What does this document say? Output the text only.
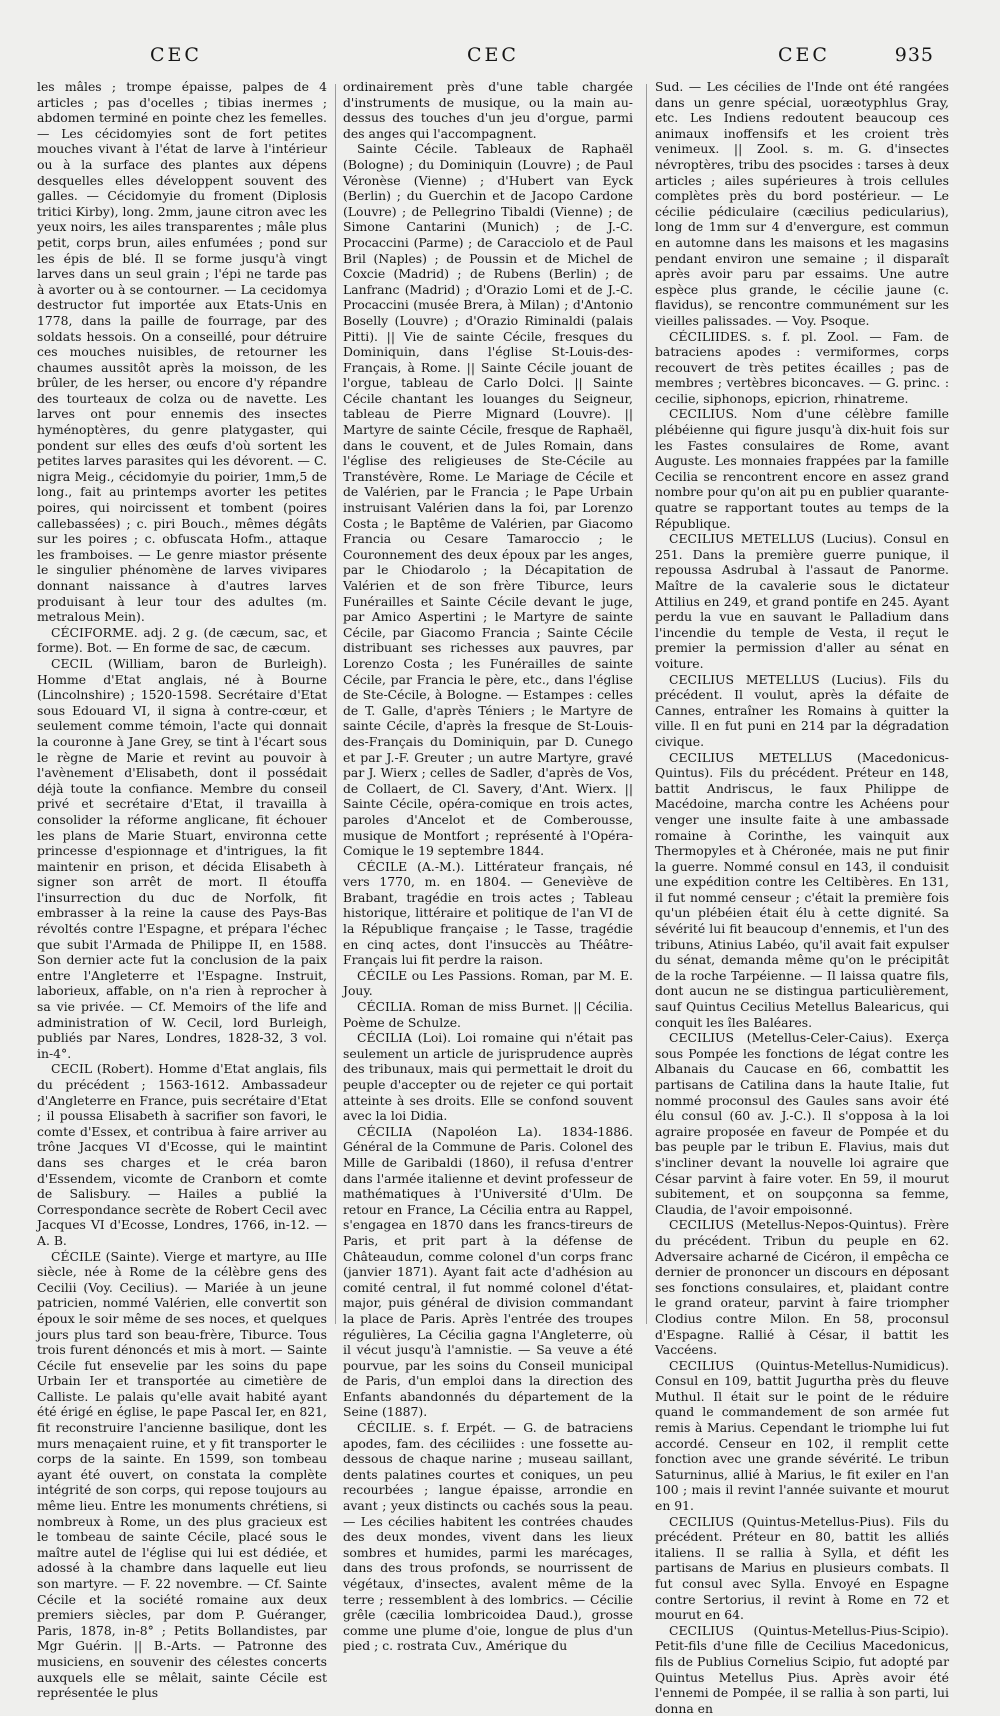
CEC	CEC	CEC	935

les mâles ; trompe épaisse, palpes de 4 articles ; pas d'ocelles ; tibias inermes ; abdomen terminé en pointe chez les femelles. — Les cécidomyies sont de fort petites mouches vivant à l'état de larve à l'intérieur ou à la surface des plantes aux dépens desquelles elles développent souvent des galles. — Cécidomyie du froment (Diplosis tritici Kirby), long. 2mm, jaune citron avec les yeux noirs, les ailes transparentes ; mâle plus petit, corps brun, ailes enfumées ; pond sur les épis de blé. Il se forme jusqu'à vingt larves dans un seul grain ; l'épi ne tarde pas à avorter ou à se contourner. — La cecidomya destructor fut importée aux Etats-Unis en 1778, dans la paille de fourrage, par des soldats hessois. On a conseillé, pour détruire ces mouches nuisibles, de retourner les chaumes aussitôt après la moisson, de les brûler, de les herser, ou encore d'y répandre des tourteaux de colza ou de navette. Les larves ont pour ennemis des insectes hyménoptères, du genre platygaster, qui pondent sur elles des œufs d'où sortent les petites larves parasites qui les dévorent. — C. nigra Meig., cécidomyie du poirier, 1mm,5 de long., fait au printemps avorter les petites poires, qui noircissent et tombent (poires callebassées) ; c. piri Bouch., mêmes dégâts sur les poires ; c. obfuscata Hofm., attaque les framboises. — Le genre miastor présente le singulier phénomène de larves vivipares donnant naissance à d'autres larves produisant à leur tour des adultes (m. metralous Mein).

CÉCIFORME. adj. 2 g. (de cæcum, sac, et forme). Bot. — En forme de sac, de cæcum.

CECIL (William, baron de Burleigh). Homme d'Etat anglais, né à Bourne (Lincolnshire) ; 1520-1598. Secrétaire d'Etat sous Edouard VI, il signa à contre-cœur, et seulement comme témoin, l'acte qui donnait la couronne à Jane Grey, se tint à l'écart sous le règne de Marie et revint au pouvoir à l'avènement d'Elisabeth, dont il possédait déjà toute la confiance. Membre du conseil privé et secrétaire d'Etat, il travailla à consolider la réforme anglicane, fit échouer les plans de Marie Stuart, environna cette princesse d'espionnage et d'intrigues, la fit maintenir en prison, et décida Elisabeth à signer son arrêt de mort. Il étouffa l'insurrection du duc de Norfolk, fit embrasser à la reine la cause des Pays-Bas révoltés contre l'Espagne, et prépara l'échec que subit l'Armada de Philippe II, en 1588. Son dernier acte fut la conclusion de la paix entre l'Angleterre et l'Espagne. Instruit, laborieux, affable, on n'a rien à reprocher à sa vie privée. — Cf. Memoirs of the life and administration of W. Cecil, lord Burleigh, publiés par Nares, Londres, 1828-32, 3 vol. in-4°.

CECIL (Robert). Homme d'Etat anglais, fils du précédent ; 1563-1612. Ambassadeur d'Angleterre en France, puis secrétaire d'Etat ; il poussa Elisabeth à sacrifier son favori, le comte d'Essex, et contribua à faire arriver au trône Jacques VI d'Ecosse, qui le maintint dans ses charges et le créa baron d'Essendem, vicomte de Cranborn et comte de Salisbury. — Hailes a publié la Correspondance secrète de Robert Cecil avec Jacques VI d'Ecosse, Londres, 1766, in-12. — A. B.

CÉCILE (Sainte). Vierge et martyre, au IIIe siècle, née à Rome de la célèbre gens des Cecilii (Voy. Cecilius). — Mariée à un jeune patricien, nommé Valérien, elle convertit son époux le soir même de ses noces, et quelques jours plus tard son beau-frère, Tiburce. Tous trois furent dénoncés et mis à mort. — Sainte Cécile fut ensevelie par les soins du pape Urbain Ier et transportée au cimetière de Calliste. Le palais qu'elle avait habité ayant été érigé en église, le pape Pascal Ier, en 821, fit reconstruire l'ancienne basilique, dont les murs menaçaient ruine, et y fit transporter le corps de la sainte. En 1599, son tombeau ayant été ouvert, on constata la complète intégrité de son corps, qui repose toujours au même lieu. Entre les monuments chrétiens, si nombreux à Rome, un des plus gracieux est le tombeau de sainte Cécile, placé sous le maître autel de l'église qui lui est dédiée, et adossé à la chambre dans laquelle eut lieu son martyre. — F. 22 novembre. — Cf. Sainte Cécile et la société romaine aux deux premiers siècles, par dom P. Guéranger, Paris, 1878, in-8° ; Petits Bollandistes, par Mgr Guérin. || B.-Arts. — Patronne des musiciens, en souvenir des célestes concerts auxquels elle se mêlait, sainte Cécile est représentée le plus

ordinairement près d'une table chargée d'instruments de musique, ou la main au-dessus des touches d'un jeu d'orgue, parmi des anges qui l'accompagnent.

Sainte Cécile. Tableaux de Raphaël (Bologne) ; du Dominiquin (Louvre) ; de Paul Véronèse (Vienne) ; d'Hubert van Eyck (Berlin) ; du Guerchin et de Jacopo Cardone (Louvre) ; de Pellegrino Tibaldi (Vienne) ; de Simone Cantarini (Munich) ; de J.-C. Procaccini (Parme) ; de Caracciolo et de Paul Bril (Naples) ; de Poussin et de Michel de Coxcie (Madrid) ; de Rubens (Berlin) ; de Lanfranc (Madrid) ; d'Orazio Lomi et de J.-C. Procaccini (musée Brera, à Milan) ; d'Antonio Boselly (Louvre) ; d'Orazio Riminaldi (palais Pitti). || Vie de sainte Cécile, fresques du Dominiquin, dans l'église St-Louis-des-Français, à Rome. || Sainte Cécile jouant de l'orgue, tableau de Carlo Dolci. || Sainte Cécile chantant les louanges du Seigneur, tableau de Pierre Mignard (Louvre). || Martyre de sainte Cécile, fresque de Raphaël, dans le couvent, et de Jules Romain, dans l'église des religieuses de Ste-Cécile au Transtévère, Rome. Le Mariage de Cécile et de Valérien, par le Francia ; le Pape Urbain instruisant Valérien dans la foi, par Lorenzo Costa ; le Baptême de Valérien, par Giacomo Francia ou Cesare Tamaroccio ; le Couronnement des deux époux par les anges, par le Chiodarolo ; la Décapitation de Valérien et de son frère Tiburce, leurs Funérailles et Sainte Cécile devant le juge, par Amico Aspertini ; le Martyre de sainte Cécile, par Giacomo Francia ; Sainte Cécile distribuant ses richesses aux pauvres, par Lorenzo Costa ; les Funérailles de sainte Cécile, par Francia le père, etc., dans l'église de Ste-Cécile, à Bologne. — Estampes : celles de T. Galle, d'après Téniers ; le Martyre de sainte Cécile, d'après la fresque de St-Louis-des-Français du Dominiquin, par D. Cunego et par J.-F. Greuter ; un autre Martyre, gravé par J. Wierx ; celles de Sadler, d'après de Vos, de Collaert, de Cl. Savery, d'Ant. Wierx. || Sainte Cécile, opéra-comique en trois actes, paroles d'Ancelot et de Comberousse, musique de Montfort ; représenté à l'Opéra-Comique le 19 septembre 1844.

CÉCILE (A.-M.). Littérateur français, né vers 1770, m. en 1804. — Geneviève de Brabant, tragédie en trois actes ; Tableau historique, littéraire et politique de l'an VI de la République française ; le Tasse, tragédie en cinq actes, dont l'insuccès au Théâtre-Français lui fit perdre la raison.

CÉCILE ou Les Passions. Roman, par M. E. Jouy.

CÉCILIA. Roman de miss Burnet. || Cécilia. Poème de Schulze.

CÉCILIA (Loi). Loi romaine qui n'était pas seulement un article de jurisprudence auprès des tribunaux, mais qui permettait le droit du peuple d'accepter ou de rejeter ce qui portait atteinte à ses droits. Elle se confond souvent avec la loi Didia.

CÉCILIA (Napoléon La). 1834-1886. Général de la Commune de Paris. Colonel des Mille de Garibaldi (1860), il refusa d'entrer dans l'armée italienne et devint professeur de mathématiques à l'Université d'Ulm. De retour en France, La Cécilia entra au Rappel, s'engagea en 1870 dans les francs-tireurs de Paris, et prit part à la défense de Châteaudun, comme colonel d'un corps franc (janvier 1871). Ayant fait acte d'adhésion au comité central, il fut nommé colonel d'état-major, puis général de division commandant la place de Paris. Après l'entrée des troupes régulières, La Cécilia gagna l'Angleterre, où il vécut jusqu'à l'amnistie. — Sa veuve a été pourvue, par les soins du Conseil municipal de Paris, d'un emploi dans la direction des Enfants abandonnés du département de la Seine (1887).

CÉCILIE. s. f. Erpét. — G. de batraciens apodes, fam. des céciliides : une fossette au-dessous de chaque narine ; museau saillant, dents palatines courtes et coniques, un peu recourbées ; langue épaisse, arrondie en avant ; yeux distincts ou cachés sous la peau. — Les cécilies habitent les contrées chaudes des deux mondes, vivent dans les lieux sombres et humides, parmi les marécages, dans des trous profonds, se nourrissent de végétaux, d'insectes, avalent même de la terre ; ressemblent à des lombrics. — Cécilie grêle (cæcilia lombricoidea Daud.), grosse comme une plume d'oie, longue de plus d'un pied ; c. rostrata Cuv., Amérique du

Sud. — Les cécilies de l'Inde ont été rangées dans un genre spécial, uoræotyphlus Gray, etc. Les Indiens redoutent beaucoup ces animaux inoffensifs et les croient très venimeux. || Zool. s. m. G. d'insectes névroptères, tribu des psocides : tarses à deux articles ; ailes supérieures à trois cellules complètes près du bord postérieur. — Le cécilie pédiculaire (cæcilius pedicularius), long de 1mm sur 4 d'envergure, est commun en automne dans les maisons et les magasins pendant environ une semaine ; il disparaît après avoir paru par essaims. Une autre espèce plus grande, le cécilie jaune (c. flavidus), se rencontre communément sur les vieilles palissades. — Voy. Psoque.

CÉCILIIDES. s. f. pl. Zool. — Fam. de batraciens apodes : vermiformes, corps recouvert de très petites écailles ; pas de membres ; vertèbres biconcaves. — G. princ. : cecilie, siphonops, epicrion, rhinatreme.

CECILIUS. Nom d'une célèbre famille plébéienne qui figure jusqu'à dix-huit fois sur les Fastes consulaires de Rome, avant Auguste. Les monnaies frappées par la famille Cecilia se rencontrent encore en assez grand nombre pour qu'on ait pu en publier quarante-quatre se rapportant toutes au temps de la République.

CECILIUS METELLUS (Lucius). Consul en 251. Dans la première guerre punique, il repoussa Asdrubal à l'assaut de Panorme. Maître de la cavalerie sous le dictateur Attilius en 249, et grand pontife en 245. Ayant perdu la vue en sauvant le Palladium dans l'incendie du temple de Vesta, il reçut le premier la permission d'aller au sénat en voiture.

CECILIUS METELLUS (Lucius). Fils du précédent. Il voulut, après la défaite de Cannes, entraîner les Romains à quitter la ville. Il en fut puni en 214 par la dégradation civique.

CECILIUS METELLUS (Macedonicus-Quintus). Fils du précédent. Préteur en 148, battit Andriscus, le faux Philippe de Macédoine, marcha contre les Achéens pour venger une insulte faite à une ambassade romaine à Corinthe, les vainquit aux Thermopyles et à Chéronée, mais ne put finir la guerre. Nommé consul en 143, il conduisit une expédition contre les Celtibères. En 131, il fut nommé censeur ; c'était la première fois qu'un plébéien était élu à cette dignité. Sa sévérité lui fit beaucoup d'ennemis, et l'un des tribuns, Atinius Labéo, qu'il avait fait expulser du sénat, demanda même qu'on le précipitât de la roche Tarpéienne. — Il laissa quatre fils, dont aucun ne se distingua particulièrement, sauf Quintus Cecilius Metellus Balearicus, qui conquit les îles Baléares.

CECILIUS (Metellus-Celer-Caius). Exerça sous Pompée les fonctions de légat contre les Albanais du Caucase en 66, combattit les partisans de Catilina dans la haute Italie, fut nommé proconsul des Gaules sans avoir été élu consul (60 av. J.-C.). Il s'opposa à la loi agraire proposée en faveur de Pompée et du bas peuple par le tribun E. Flavius, mais dut s'incliner devant la nouvelle loi agraire que César parvint à faire voter. En 59, il mourut subitement, et on soupçonna sa femme, Claudia, de l'avoir empoisonné.

CECILIUS (Metellus-Nepos-Quintus). Frère du précédent. Tribun du peuple en 62. Adversaire acharné de Cicéron, il empêcha ce dernier de prononcer un discours en déposant ses fonctions consulaires, et, plaidant contre le grand orateur, parvint à faire triompher Clodius contre Milon. En 58, proconsul d'Espagne. Rallié à César, il battit les Vaccéens.

CECILIUS (Quintus-Metellus-Numidicus). Consul en 109, battit Jugurtha près du fleuve Muthul. Il était sur le point de le réduire quand le commandement de son armée fut remis à Marius. Cependant le triomphe lui fut accordé. Censeur en 102, il remplit cette fonction avec une grande sévérité. Le tribun Saturninus, allié à Marius, le fit exiler en l'an 100 ; mais il revint l'année suivante et mourut en 91.

CECILIUS (Quintus-Metellus-Pius). Fils du précédent. Préteur en 80, battit les alliés italiens. Il se rallia à Sylla, et défit les partisans de Marius en plusieurs combats. Il fut consul avec Sylla. Envoyé en Espagne contre Sertorius, il revint à Rome en 72 et mourut en 64.

CECILIUS (Quintus-Metellus-Pius-Scipio). Petit-fils d'une fille de Cecilius Macedonicus, fils de Publius Cornelius Scipio, fut adopté par Quintus Metellus Pius. Après avoir été l'ennemi de Pompée, il se rallia à son parti, lui donna en
